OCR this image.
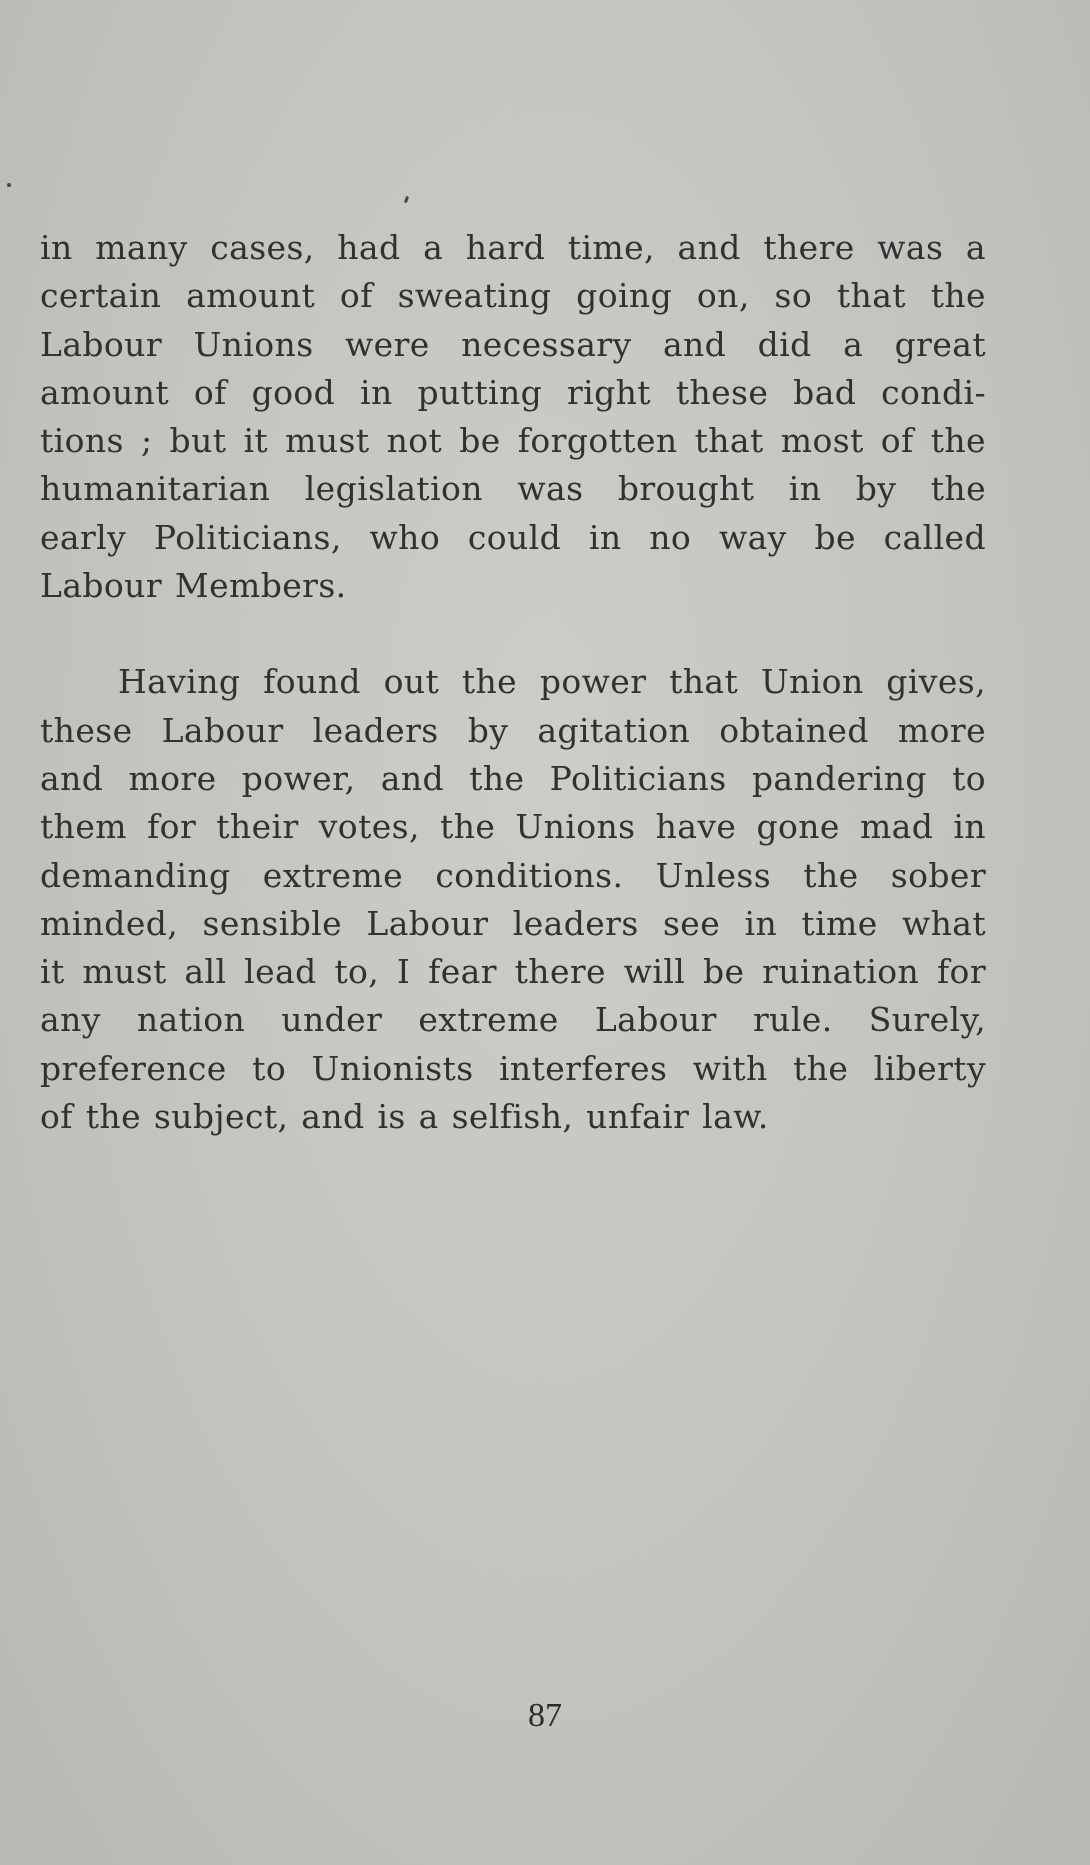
in many cases, had a hard time, and there was a
certain amount of sweating going on, so that the
Labour Unions were necessary and did a great
amount of good in putting right these bad condi-
tions ; but it must not be forgotten that most of the
humanitarian legislation was brought in by the
early Politicians, who could in no way be called
Labour Members.

Having found out the power that Union gives,
these Labour leaders by agitation obtained more
and more power, and the Politicians pandering to
them for their votes, the Unions have gone mad in
demanding extreme conditions. Unless the sober
minded, sensible Labour leaders see in time what
it must all lead to, I fear there will be ruination for
any nation under extreme Labour rule. Surely,
preference to Unionists interferes with the liberty
of the subject, and is a selfish, unfair law.

87
